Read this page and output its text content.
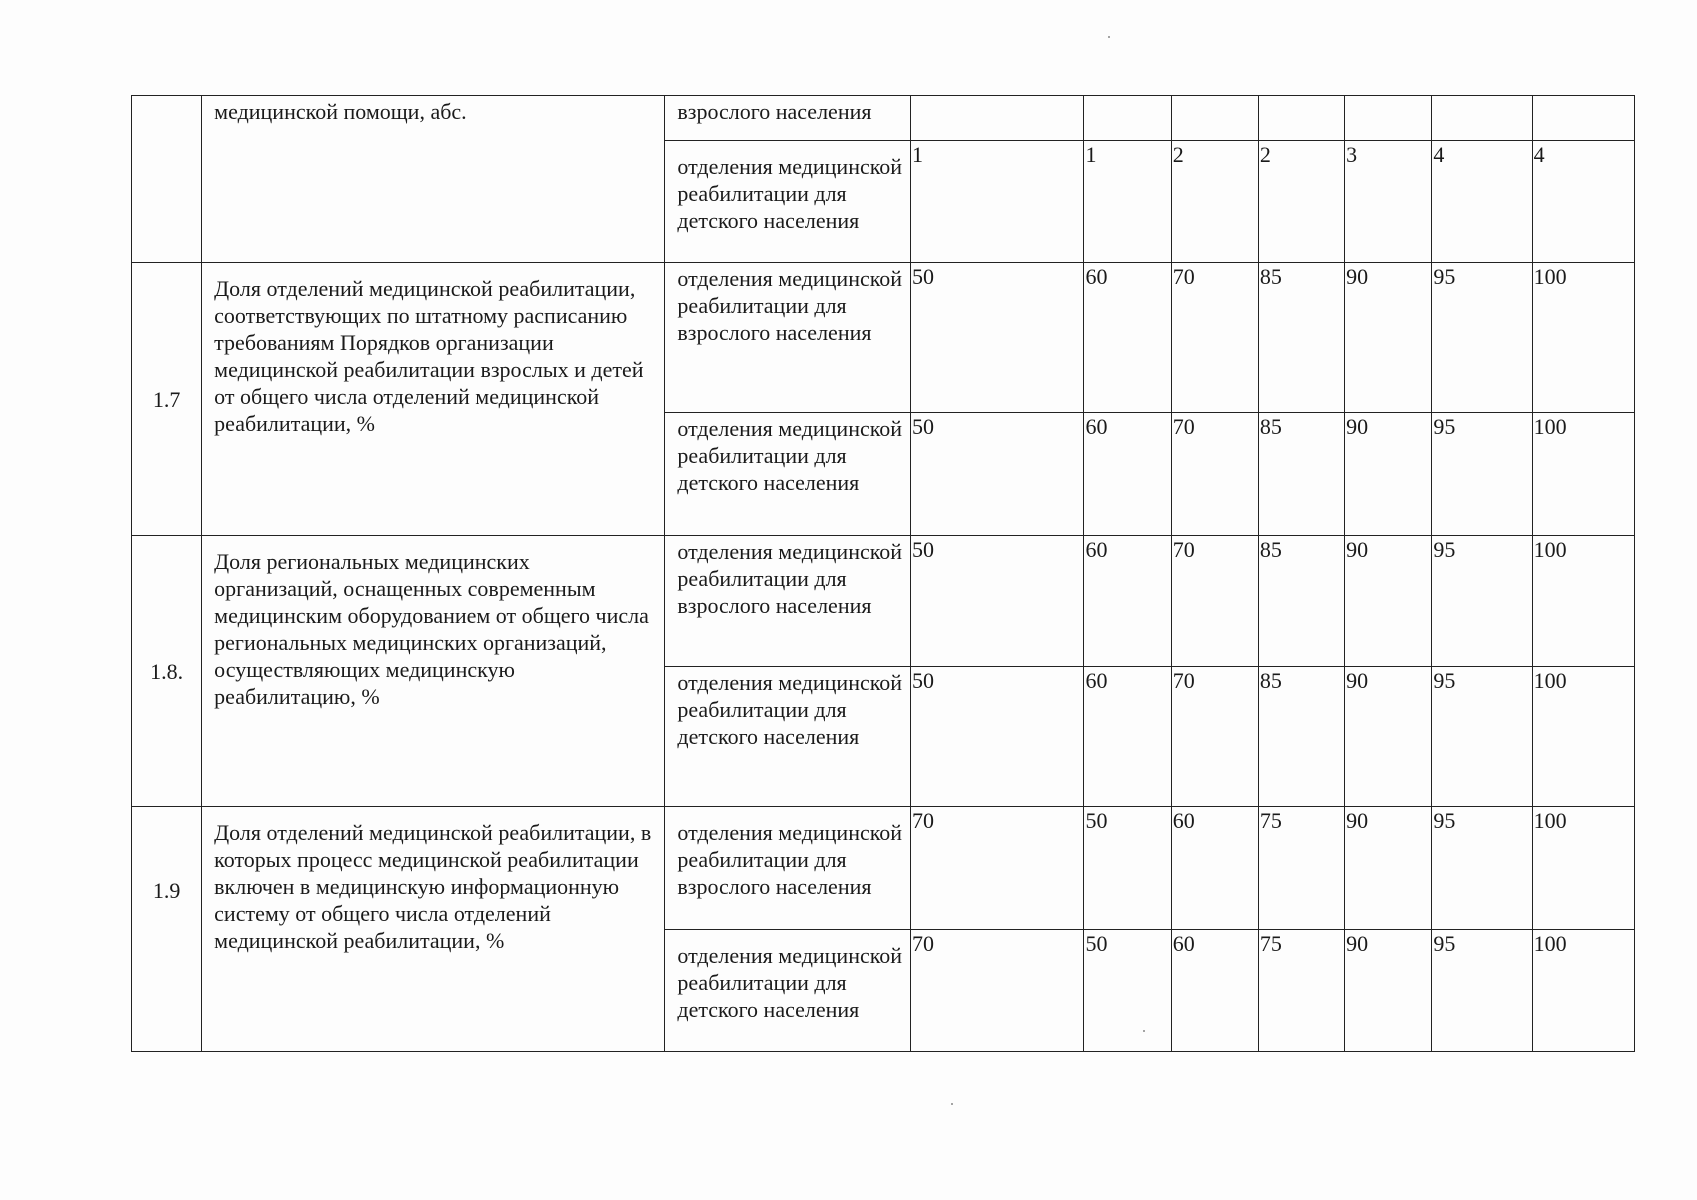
	медицинской помощи, абс.	взрослого населения							
		отделения медицинской реабилитации для детского населения	1	1	2	2	3	4	4
1.7	Доля отделений медицинской реабилитации, соответствующих по штатному расписанию требованиям Порядков организации медицинской реабилитации взрослых и детей от общего числа отделений медицинской реабилитации, %	отделения медицинской реабилитации для взрослого населения	50	60	70	85	90	95	100
		отделения медицинской реабилитации для детского населения	50	60	70	85	90	95	100
1.8.	Доля региональных медицинских организаций, оснащенных современным медицинским оборудованием от общего числа региональных медицинских организаций, осуществляющих медицинскую реабилитацию, %	отделения медицинской реабилитации для взрослого населения	50	60	70	85	90	95	100
		отделения медицинской реабилитации для детского населения	50	60	70	85	90	95	100
1.9	Доля отделений медицинской реабилитации, в которых процесс медицинской реабилитации включен в медицинскую информационную систему от общего числа отделений медицинской реабилитации, %	отделения медицинской реабилитации для взрослого населения	70	50	60	75	90	95	100
		отделения медицинской реабилитации для детского населения	70	50	60	75	90	95	100
